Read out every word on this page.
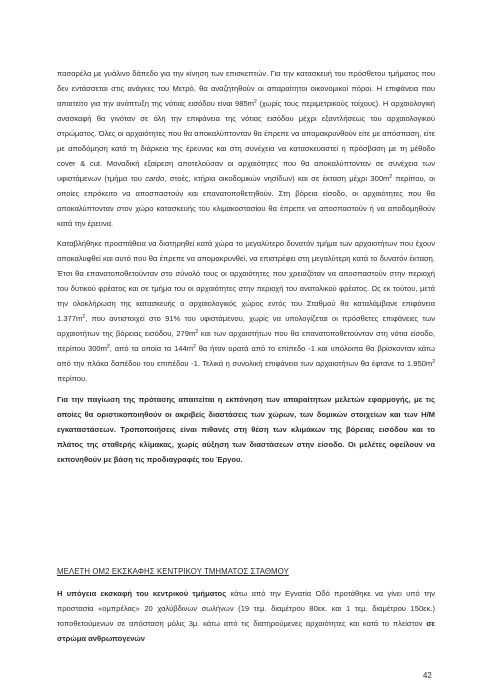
πασαρέλα με γυάλινο δάπεδο για την κίνηση των επισκεπτών. Για την κατασκευή του πρόσθετου τμήματος που δεν εντάσσεται στις ανάγκες του Μετρό, θα αναζητηθούν οι απαραίτητοι οικονομικοί πόροι. Η επιφάνεια που απαιτείτο για την ανάπτυξη της νότιας εισόδου είναι $985m^2$ (χωρίς τους περιμετρικούς τοίχους). Η αρχαιολογική ανασκαφή θα γινόταν σε όλη την επιφάνεια της νότιας εισόδου μέχρι εξαντλήσεως του αρχαιολογικού στρώματος. Όλες οι αρχαιότητες που θα αποκαλύπτονταν θα έπρεπε να απομακρυνθούν είτε με απόσπαση, είτε με αποδόμηση κατά τη διάρκεια της έρευνας και στη συνέχεια να κατασκευαστεί η πρόσβαση με τη μέθοδο cover & cut. Μοναδική εξαίρεση αποτελούσαν οι αρχαιότητες που θα αποκαλύπτονταν σε συνέχεια των υφιστάμενων (τμήμα του cardo, στοές, κτήρια οικοδομικών νησίδων) και σε έκταση μέχρι $300m^2$ περίπου, οι οποίες επρόκειτο να αποσπαστούν και επανατοποθετηθούν. Στη βόρεια είσοδο, οι αρχαιότητες που θα αποκαλύπτονταν στον χώρο κατασκευής του κλιμακοστασίου θα έπρεπε να αποσπαστούν ή να αποδομηθούν κατά την έρευνα.

Καταβλήθηκε προσπάθεια να διατηρηθεί κατά χώρα το μεγαλύτερο δυνατόν τμήμα των αρχαιοτήτων που έχουν αποκαλυφθεί και αυτό που θα έπρεπε να απομακρυνθεί, να επιστρέφει στη μεγαλύτερη κατά το δυνατόν έκταση. Έτσι θα επανατοποθετούνταν στο σύνολό τους οι αρχαιότητες που χρειαζόταν να αποσπαστούν στην περιοχή του δυτικού φρέατος και σε τμήμα του οι αρχαιότητες στην περιοχή του ανατολικού φρέατος. Ως εκ τούτου, μετά την ολοκλήρωση της κατασκευής ο αρχαιολογικός χώρος εντός του Σταθμού θα καταλάμβανε επιφάνεια $1.377m^2$, που αντιστοιχεί στο 91% του υφιστάμενου, χωρίς να υπολογίζεται οι πρόσθετες επιφάνειες των αρχαιοτήτων της βόρειας εισόδου, $279m^2$ και των αρχαιοτήτων που θα επανατοποθετούνταν στη νότια είσοδο, περίπου $300m^2$, από τα οποία τα $144m^2$ θα ήταν ορατά από το επίπεδο -1 και υπόλοιπα θα βρίσκονταν κάτω από την πλάκα δαπέδου του επιπέδου -1. Τελικά η συνολική επιφάνεια των αρχαιοτήτων θα έφτανε τα $1.950m^2$ περίπου.

Για την παγίωση της πρότασης απαιτείται η εκπόνηση των απαραίτητων μελετών εφαρμογής, με τις οποίες θα οριστικοποιηθούν οι ακριβείς διαστάσεις των χώρων, των δομικών στοιχείων και των Η/Μ εγκαταστάσεων. Τροποποιήσεις είναι πιθανές στη θέση των κλιμάκων της βόρειας εισόδου και το πλάτος της σταθερής κλίμακας, χωρίς αύξηση των διαστάσεων στην είσοδο. Οι μελέτες οφείλουν να εκπονηθούν με βάση τις προδιαγραφές του Έργου.

ΜΕΛΕΤΗ ΟΜ2 ΕΚΣΚΑΦΗΣ ΚΕΝΤΡΙΚΟΥ ΤΜΗΜΑΤΟΣ ΣΤΑΘΜΟΥ

Η υπόγεια εκσκαφή του κεντρικού τμήματος κάτω από την Εγνατία Οδό προτάθηκε να γίνει υπό την προστασία «ομπρέλας» 20 χαλύβδινων σωλήνων (19 τεμ. διαμέτρου 80εκ. και 1 τεμ. διαμέτρου 150εκ.) τοποθετούμενων σε απόσταση μόλις 3μ. κάτω από τις διατηρούμενες αρχαιότητες και κατά το πλείστον σε στρώμα ανθρωπογενών

42
